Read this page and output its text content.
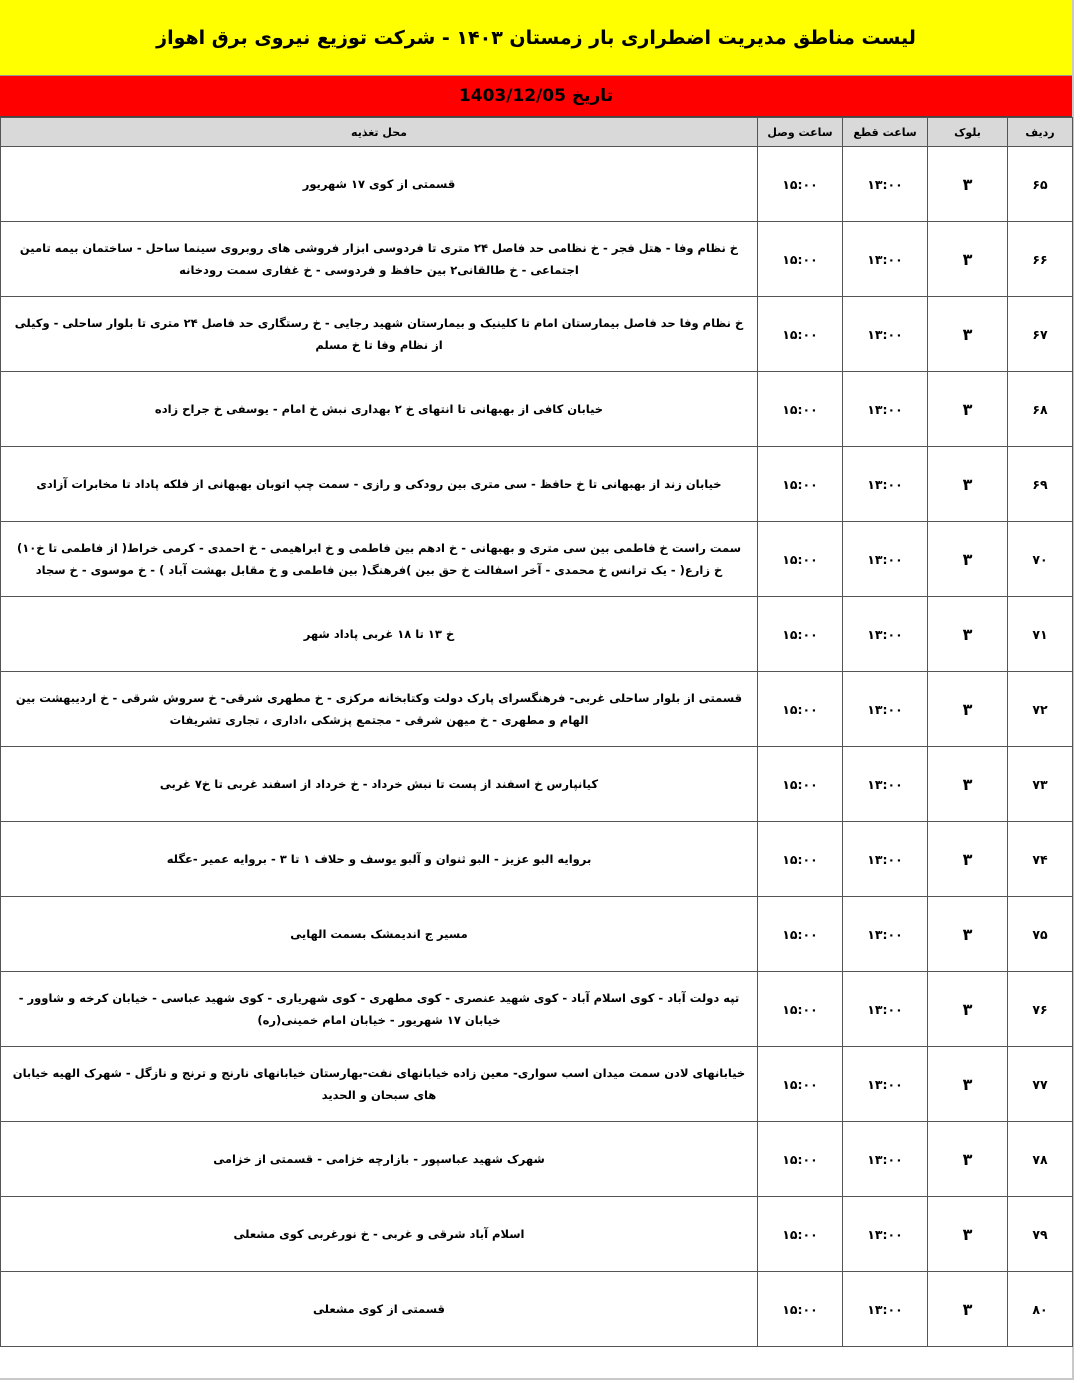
لیست مناطق مدیریت اضطراری بار زمستان ۱۴۰۳ - شرکت توزیع نیروی برق اهواز
تاریخ 1403/12/05
ردیف	بلوک	ساعت قطع	ساعت وصل	محل تغذیه
۶۵	۳	۱۳:۰۰	۱۵:۰۰	قسمتی از کوی ۱۷ شهریور
۶۶	۳	۱۳:۰۰	۱۵:۰۰	خ نظام وفا - هتل فجر - خ نظامی حد فاصل ۲۴ متری تا فردوسی ابزار فروشی های روبروی سینما ساحل - ساختمان بیمه تامین اجتماعی - خ طالقانی۲ بین حافظ و فردوسی - خ غفاری سمت رودخانه
۶۷	۳	۱۳:۰۰	۱۵:۰۰	خ نظام وفا حد فاصل بیمارستان امام تا کلینیک و بیمارستان شهید رجایی - خ رستگاری حد فاصل ۲۴ متری تا بلوار ساحلی - وکیلی از نظام وفا تا خ مسلم
۶۸	۳	۱۳:۰۰	۱۵:۰۰	خیابان کافی از بهبهانی تا انتهای خ ۲ بهداری نبش خ امام - یوسفی خ جراح زاده
۶۹	۳	۱۳:۰۰	۱۵:۰۰	خیابان زند از بهبهانی تا خ حافظ - سی متری بین رودکی و رازی - سمت چپ اتوبان بهبهانی از فلکه پاداد تا مخابرات آزادی
۷۰	۳	۱۳:۰۰	۱۵:۰۰	سمت راست خ فاطمی بین سی متری و بهبهانی - خ ادهم بین فاطمی و خ ابراهیمی - خ احمدی - کرمی خراط( از فاطمی تا خ۱۰) خ زارع( - یک ترانس خ محمدی - آخر اسفالت خ حق بین )فرهنگ( بین فاطمی و خ مقابل بهشت آباد ) - خ موسوی - خ سجاد
۷۱	۳	۱۳:۰۰	۱۵:۰۰	خ ۱۳ تا ۱۸ غربی پاداد شهر
۷۲	۳	۱۳:۰۰	۱۵:۰۰	قسمتی از بلوار ساحلی غربی- فرهنگسرای پارک دولت وکتابخانه مرکزی - خ مطهری شرقی- خ سروش شرقی - خ اردیبهشت بین الهام و مطهری - خ میهن شرقی - مجتمع پزشکی ،اداری ، تجاری تشریفات
۷۳	۳	۱۳:۰۰	۱۵:۰۰	کیانپارس خ اسفند از پست تا نبش خرداد - خ خرداد از اسفند غربی تا خ۷ غربی
۷۴	۳	۱۳:۰۰	۱۵:۰۰	بروایه البو عزیز - البو ثنوان و آلبو یوسف و حلاف ۱ تا ۳ - بروایه عمیر -عگله
۷۵	۳	۱۳:۰۰	۱۵:۰۰	مسیر ج اندیمشک بسمت الهایی
۷۶	۳	۱۳:۰۰	۱۵:۰۰	تپه دولت آباد - کوی اسلام آباد - کوی شهید عنصری - کوی مطهری - کوی شهریاری - کوی شهید عباسی - خیابان کرخه و شاوور - خیابان ۱۷ شهریور - خیابان امام خمینی(ره)
۷۷	۳	۱۳:۰۰	۱۵:۰۰	خیابانهای لادن سمت میدان اسب سواری- معین زاده خیابانهای نفت-بهارستان خیابانهای نارنج و ترنج و نازگل - شهرک الهیه خیابان های سبحان و الحدید
۷۸	۳	۱۳:۰۰	۱۵:۰۰	شهرک شهید عباسپور - بازارچه خزامی - قسمتی از خزامی
۷۹	۳	۱۳:۰۰	۱۵:۰۰	اسلام آباد شرقی و غربی - خ نورغربی کوی مشعلی
۸۰	۳	۱۳:۰۰	۱۵:۰۰	قسمتی از کوی مشعلی
